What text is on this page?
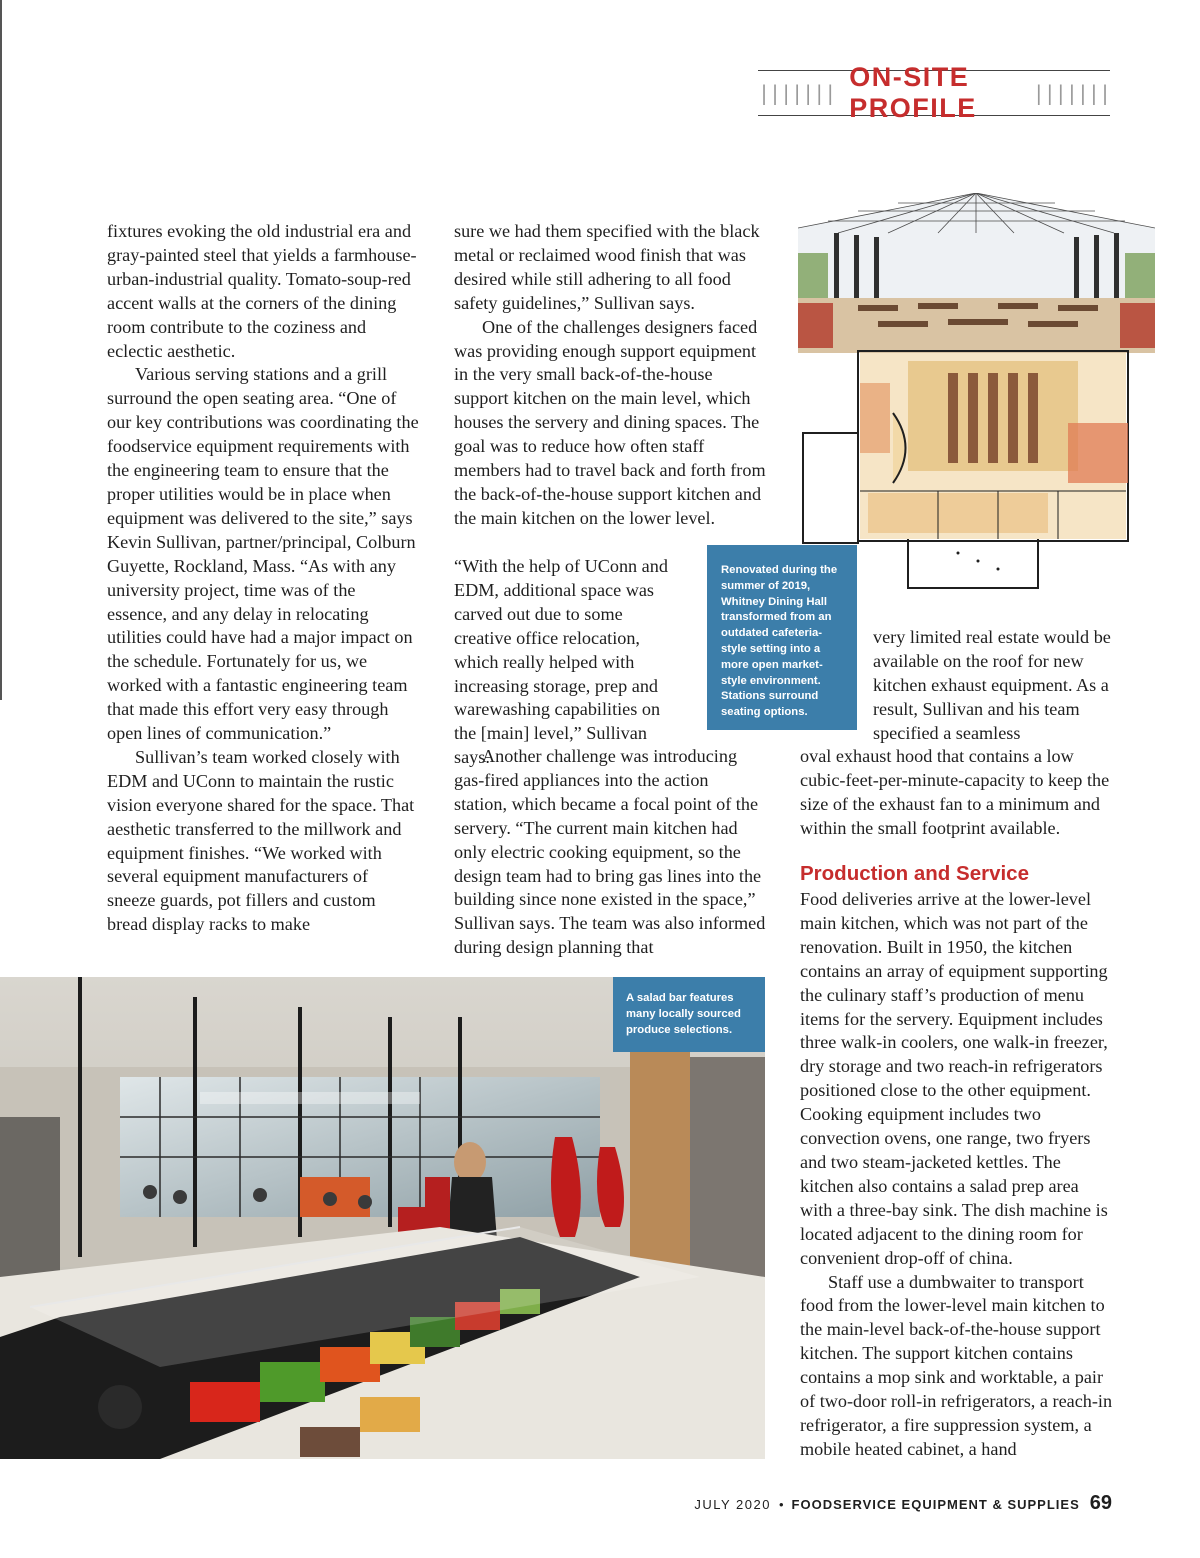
|||||||
ON-SITE PROFILE	|||||||

fixtures evoking the old industrial era and gray-painted steel that yields a farmhouse-urban-industrial quality. Tomato-soup-red accent walls at the corners of the dining room contribute to the coziness and eclectic aesthetic.

Various serving stations and a grill surround the open seating area. “One of our key contributions was coordinating the foodservice equipment requirements with the engineering team to ensure that the proper utilities would be in place when equipment was delivered to the site,” says Kevin Sullivan, partner/principal, Colburn Guyette, Rockland, Mass. “As with any university project, time was of the essence, and any delay in relocating utilities could have had a major impact on the schedule. Fortunately for us, we worked with a fantastic engineering team that made this effort very easy through open lines of communication.”

Sullivan’s team worked closely with EDM and UConn to maintain the rustic vision everyone shared for the space. That aesthetic transferred to the millwork and equipment finishes. “We worked with several equipment manufacturers of sneeze guards, pot fillers and custom bread display racks to make

sure we had them specified with the black metal or reclaimed wood finish that was desired while still adhering to all food safety guidelines,” Sullivan says.

One of the challenges designers faced was providing enough support equipment in the very small back-of-the-house support kitchen on the main level, which houses the servery and dining spaces. The goal was to reduce how often staff members had to travel back and forth from the back-of-the-house support kitchen and the main kitchen on the lower level.

“With the help of UConn and EDM, additional space was carved out due to some creative office relocation, which really helped with increasing storage, prep and warewashing capabilities on the [main] level,” Sullivan says.

Another challenge was introducing gas-fired appliances into the action station, which became a focal point of the servery. “The current main kitchen had only electric cooking equipment, so the design team had to bring gas lines into the building since none existed in the space,” Sullivan says. The team was also informed during design planning that

Renovated during the summer of 2019, Whitney Dining Hall transformed from an outdated cafeteria-style setting into a more open market-style environment. Stations surround seating options.

very limited real estate would be available on the roof for new kitchen exhaust equipment. As a result, Sullivan and his team specified a seamless

oval exhaust hood that contains a low cubic-feet-per-minute-capacity to keep the size of the exhaust fan to a minimum and within the small footprint available.

Production and Service

Food deliveries arrive at the lower-level main kitchen, which was not part of the renovation. Built in 1950, the kitchen contains an array of equipment supporting the culinary staff’s production of menu items for the servery. Equipment includes three walk-in coolers, one walk-in freezer, dry storage and two reach-in refrigerators positioned close to the other equipment. Cooking equipment includes two convection ovens, one range, two fryers and two steam-jacketed kettles. The kitchen also contains a salad prep area with a three-bay sink. The dish machine is located adjacent to the dining room for convenient drop-off of china.

Staff use a dumbwaiter to transport food from the lower-level main kitchen to the main-level back-of-the-house support kitchen. The support kitchen contains contains a mop sink and worktable, a pair of two-door roll-in refrigerators, a reach-in refrigerator, a fire suppression system, a mobile heated cabinet, a hand

A salad bar features many locally sourced produce selections.
JULY 2020 • FOODSERVICE EQUIPMENT & SUPPLIES 69
